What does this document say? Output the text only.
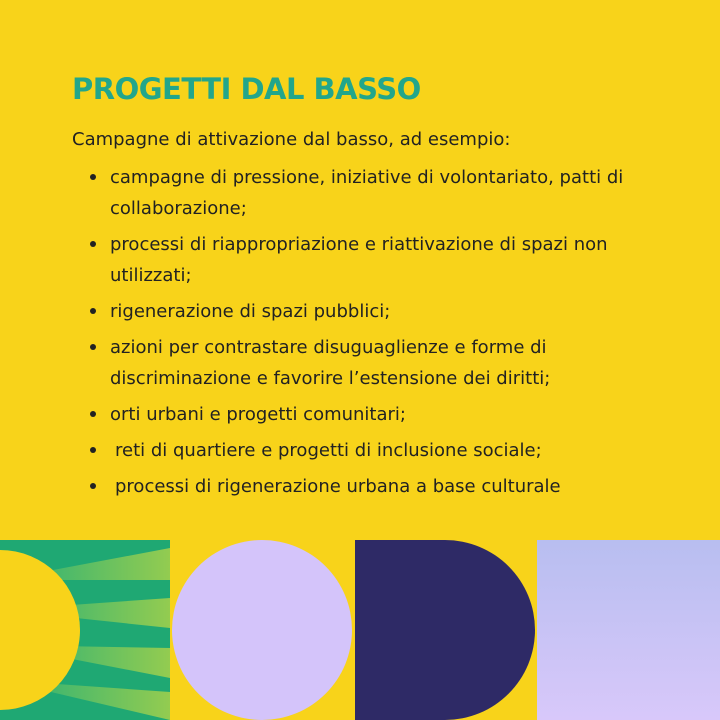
PROGETTI DAL BASSO

Campagne di attivazione dal basso, ad esempio:

campagne di pressione, iniziative di volontariato, patti di collaborazione;
processi di riappropriazione e riattivazione di spazi non utilizzati;
rigenerazione di spazi pubblici;
azioni per contrastare disuguaglienze e forme di discriminazione e favorire l’estensione dei diritti;
orti urbani e progetti comunitari;
reti di quartiere e progetti di inclusione sociale;
processi di rigenerazione urbana a base culturale
